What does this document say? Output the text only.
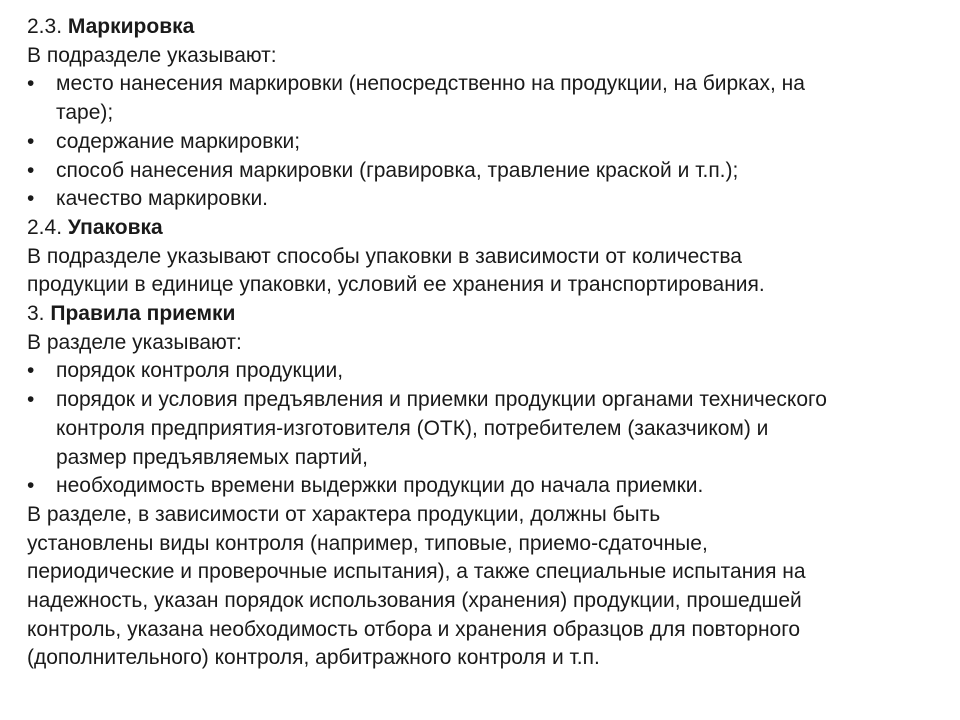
2.3. Маркировка
В подразделе указывают:
• место нанесения маркировки (непосредственно на продукции, на бирках, на
таре);
• содержание маркировки;
• способ нанесения маркировки (гравировка, травление краской и т.п.);
• качество маркировки.
2.4. Упаковка
В подразделе указывают способы упаковки в зависимости от количества
продукции в единице упаковки, условий ее хранения и транспортирования.
3. Правила приемки
В разделе указывают:
• порядок контроля продукции,
• порядок и условия предъявления и приемки продукции органами технического
контроля предприятия-изготовителя (ОТК), потребителем (заказчиком) и
размер предъявляемых партий,
• необходимость времени выдержки продукции до начала приемки.
В разделе, в зависимости от характера продукции, должны быть
установлены виды контроля (например, типовые, приемо-сдаточные,
периодические и проверочные испытания), а также специальные испытания на
надежность, указан порядок использования (хранения) продукции, прошедшей
контроль, указана необходимость отбора и хранения образцов для повторного
(дополнительного) контроля, арбитражного контроля и т.п.
